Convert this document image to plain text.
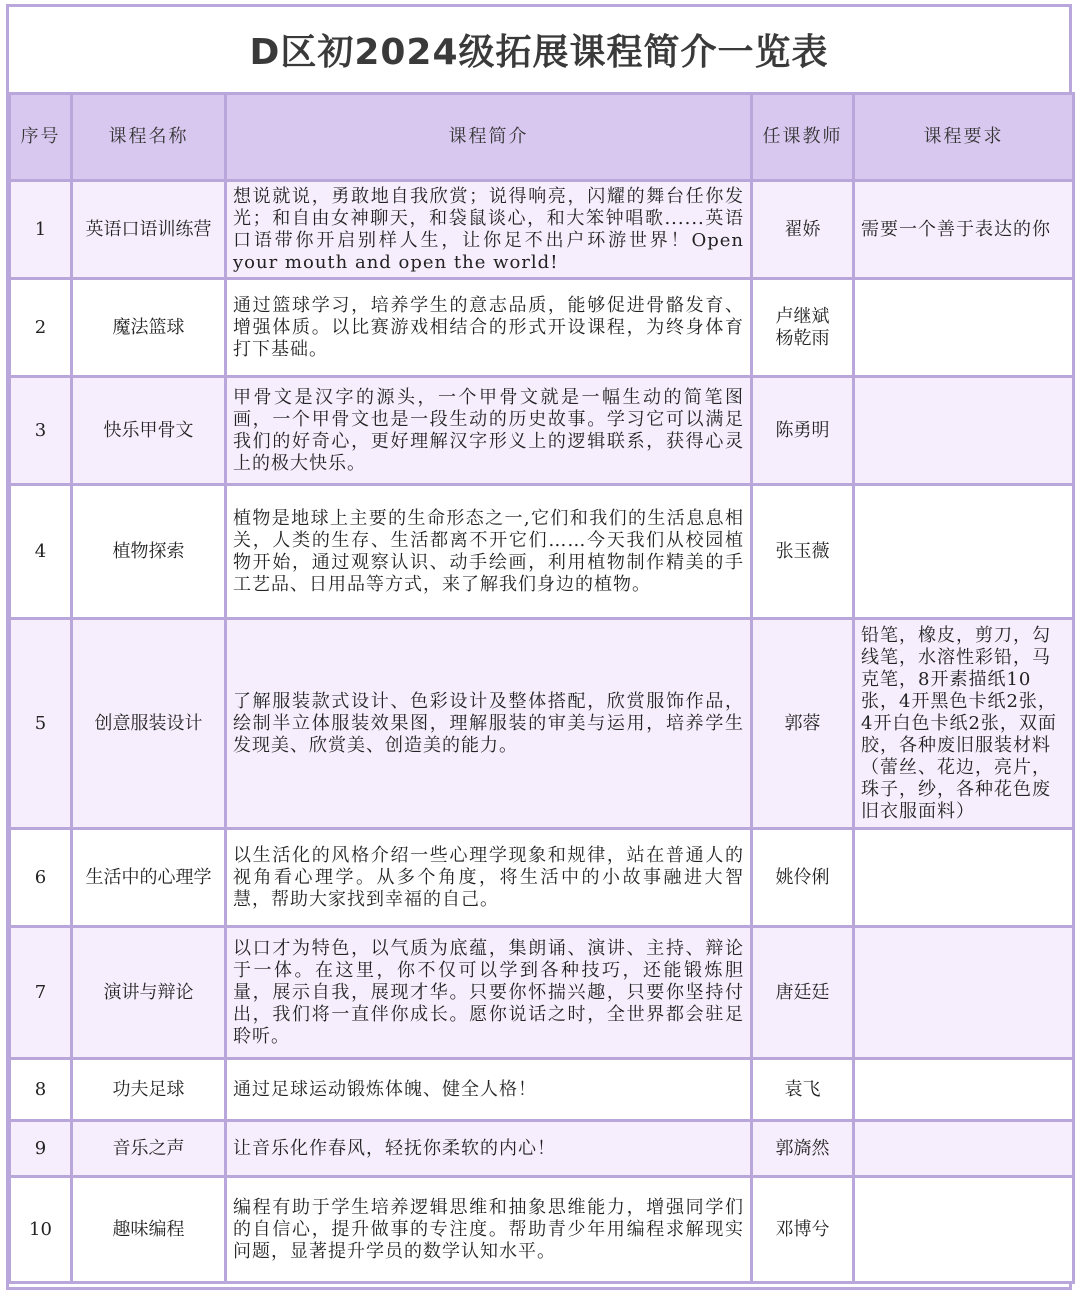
D区初2024级拓展课程简介一览表
序号	课程名称	课程简介	任课教师	课程要求
1	英语口语训练营	想说就说，勇敢地自我欣赏；说得响亮，闪耀的舞台任你发光；和自由女神聊天，和袋鼠谈心，和大笨钟唱歌......英语口语带你开启别样人生，让你足不出户环游世界！Open your mouth and open the world!	翟娇	需要一个善于表达的你
2	魔法篮球	通过篮球学习，培养学生的意志品质，能够促进骨骼发育、增强体质。以比赛游戏相结合的形式开设课程，为终身体育打下基础。	卢继斌
杨乾雨	
3	快乐甲骨文	甲骨文是汉字的源头，一个甲骨文就是一幅生动的简笔图画，一个甲骨文也是一段生动的历史故事。学习它可以满足我们的好奇心，更好理解汉字形义上的逻辑联系，获得心灵上的极大快乐。	陈勇明	
4	植物探索	植物是地球上主要的生命形态之一,它们和我们的生活息息相关，人类的生存、生活都离不开它们……今天我们从校园植物开始，通过观察认识、动手绘画，利用植物制作精美的手工艺品、日用品等方式，来了解我们身边的植物。	张玉薇	
5	创意服装设计	了解服装款式设计、色彩设计及整体搭配，欣赏服饰作品，绘制半立体服装效果图，理解服装的审美与运用，培养学生发现美、欣赏美、创造美的能力。	郭蓉	铅笔，橡皮，剪刀，勾线笔，水溶性彩铅，马克笔，8开素描纸10张，4开黑色卡纸2张，4开白色卡纸2张，双面胶，各种废旧服装材料（蕾丝、花边，亮片，珠子，纱，各种花色废旧衣服面料）
6	生活中的心理学	以生活化的风格介绍一些心理学现象和规律，站在普通人的视角看心理学。从多个角度，将生活中的小故事融进大智慧，帮助大家找到幸福的自己。	姚伶俐	
7	演讲与辩论	以口才为特色，以气质为底蕴，集朗诵、演讲、主持、辩论于一体。在这里，你不仅可以学到各种技巧，还能锻炼胆量，展示自我，展现才华。只要你怀揣兴趣，只要你坚持付出，我们将一直伴你成长。愿你说话之时，全世界都会驻足聆听。	唐廷廷	
8	功夫足球	通过足球运动锻炼体魄、健全人格！	袁飞	
9	音乐之声	让音乐化作春风，轻抚你柔软的内心！	郭旖然	
10	趣味编程	编程有助于学生培养逻辑思维和抽象思维能力，增强同学们的自信心，提升做事的专注度。帮助青少年用编程求解现实问题，显著提升学员的数学认知水平。	邓博兮	
